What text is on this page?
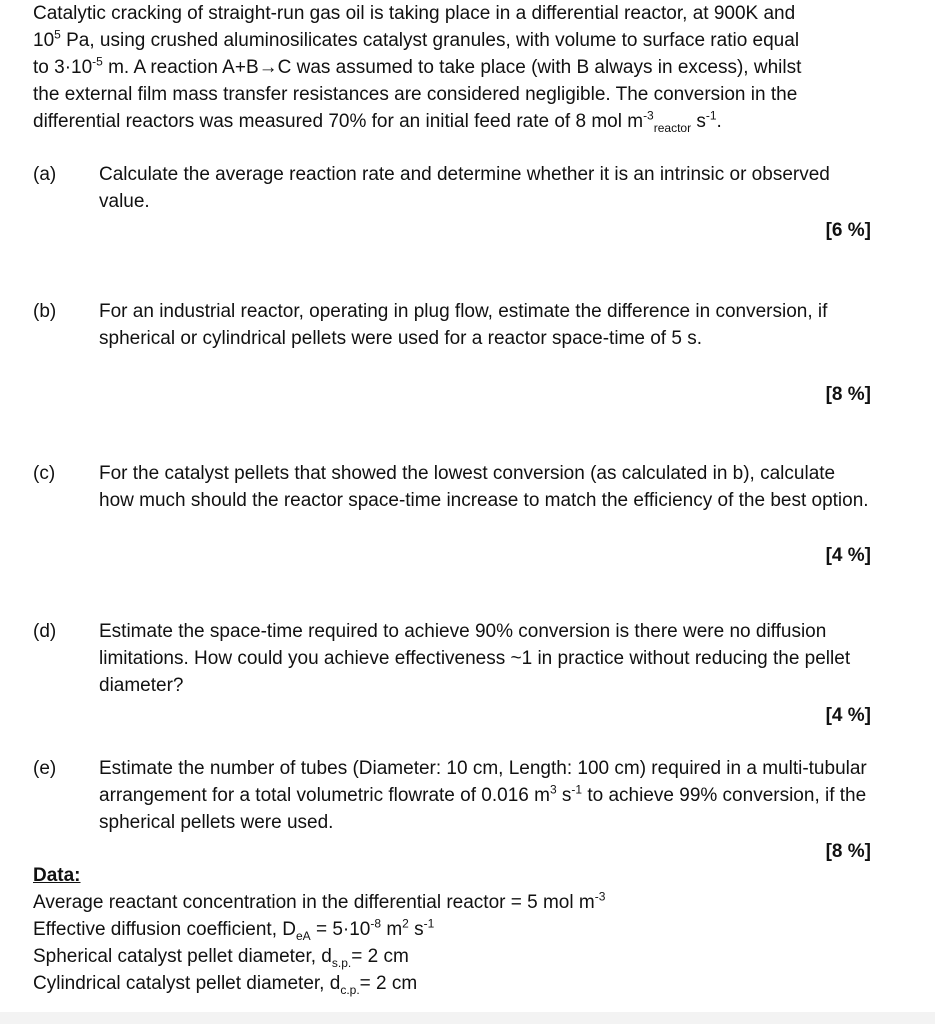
Catalytic cracking of straight-run gas oil is taking place in a differential reactor, at 900K and
$10^5$ Pa, using crushed aluminosilicates catalyst granules, with volume to surface ratio equal
to $3\cdot 10^{-5}$ m. A reaction A+B→C was assumed to take place (with B always in excess), whilst
the external film mass transfer resistances are considered negligible. The conversion in the
differential reactors was measured 70% for an initial feed rate of 8 mol $m^{-3}_{reactor}$ $s^{-1}$.
(a) Calculate the average reaction rate and determine whether it is an intrinsic or observed value.
[6 %]
(b) For an industrial reactor, operating in plug flow, estimate the difference in conversion, if spherical or cylindrical pellets were used for a reactor space-time of 5 s.
[8 %]
(c) For the catalyst pellets that showed the lowest conversion (as calculated in b), calculate how much should the reactor space-time increase to match the efficiency of the best option.
[4 %]
(d) Estimate the space-time required to achieve 90% conversion is there were no diffusion limitations. How could you achieve effectiveness ~1 in practice without reducing the pellet diameter?
[4 %]
(e) Estimate the number of tubes (Diameter: 10 cm, Length: 100 cm) required in a multi-tubular arrangement for a total volumetric flowrate of 0.016 $m^3$ $s^{-1}$ to achieve 99% conversion, if the spherical pellets were used.
[8 %]
Data:
Average reactant concentration in the differential reactor = 5 mol $m^{-3}$
Effective diffusion coefficient, $D_{eA} = 5\cdot 10^{-8}$ $m^2$ $s^{-1}$
Spherical catalyst pellet diameter, $d_{s.p.}= 2$ cm
Cylindrical catalyst pellet diameter, $d_{c.p.}= 2$ cm
